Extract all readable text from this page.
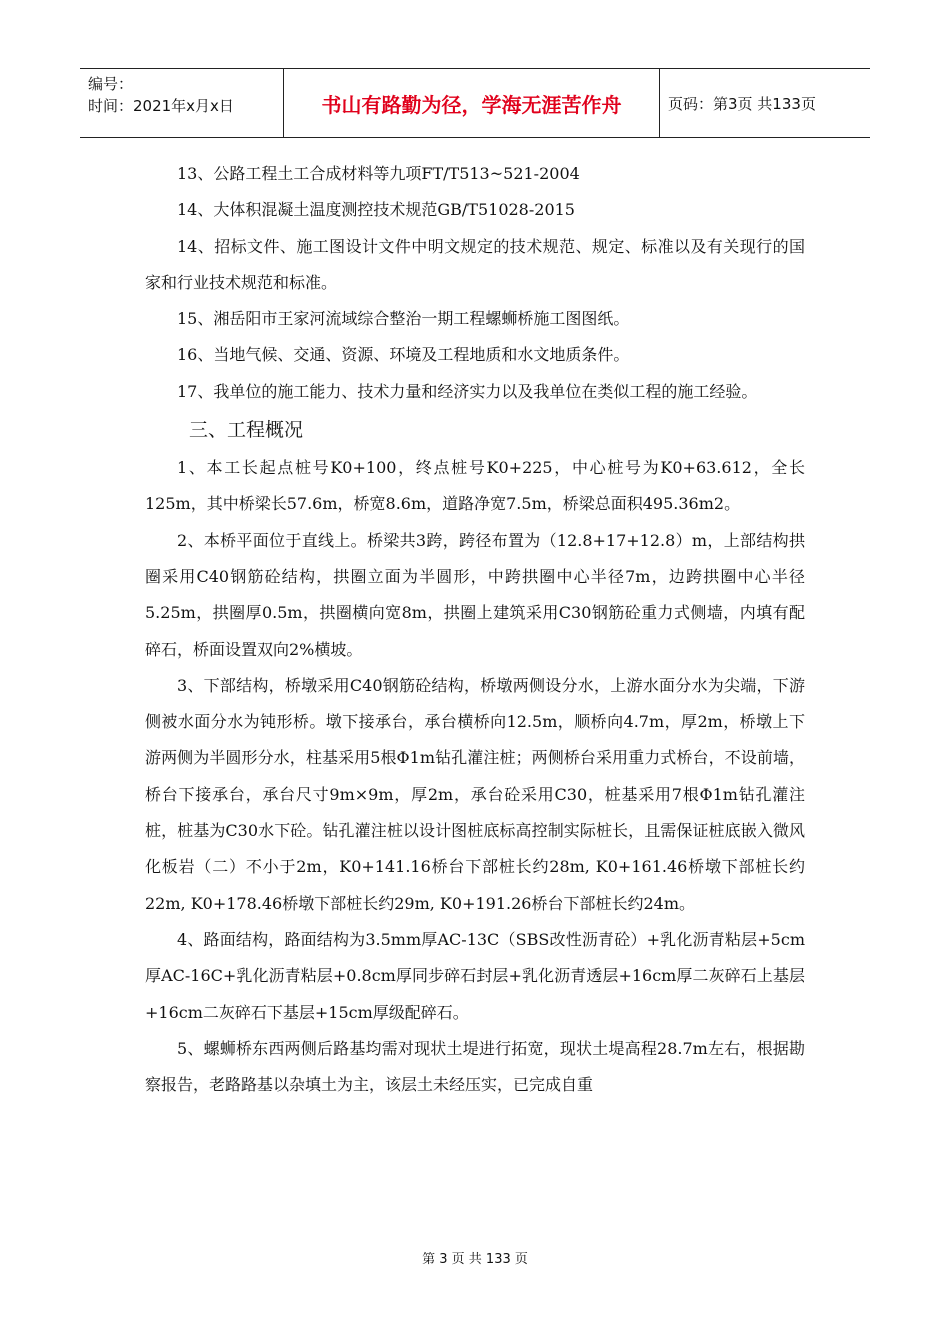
编号：
时间：2021年x月x日	书山有路勤为径，学海无涯苦作舟	页码：第3页 共133页

13、公路工程土工合成材料等九项FT/T513~521-2004

14、大体积混凝土温度测控技术规范GB/T51028-2015

14、招标文件、施工图设计文件中明文规定的技术规范、规定、标准以及有关现行的国家和行业技术规范和标准。

15、湘岳阳市王家河流域综合整治一期工程螺蛳桥施工图图纸。

16、当地气候、交通、资源、环境及工程地质和水文地质条件。

17、我单位的施工能力、技术力量和经济实力以及我单位在类似工程的施工经验。

三、工程概况

1、本工长起点桩号K0+100，终点桩号K0+225，中心桩号为K0+63.612，全长125m，其中桥梁长57.6m，桥宽8.6m，道路净宽7.5m，桥梁总面积495.36m2。

2、本桥平面位于直线上。桥梁共3跨，跨径布置为（12.8+17+12.8）m，上部结构拱圈采用C40钢筋砼结构，拱圈立面为半圆形，中跨拱圈中心半径7m，边跨拱圈中心半径5.25m，拱圈厚0.5m，拱圈横向宽8m，拱圈上建筑采用C30钢筋砼重力式侧墙，内填有配碎石，桥面设置双向2%横坡。

3、下部结构，桥墩采用C40钢筋砼结构，桥墩两侧设分水，上游水面分水为尖端，下游侧被水面分水为钝形桥。墩下接承台，承台横桥向12.5m，顺桥向4.7m，厚2m，桥墩上下游两侧为半圆形分水，柱基采用5根Φ1m钻孔灌注桩；两侧桥台采用重力式桥台，不设前墙，桥台下接承台，承台尺寸9m×9m，厚2m，承台砼采用C30，桩基采用7根Φ1m钻孔灌注桩，桩基为C30水下砼。钻孔灌注桩以设计图桩底标高控制实际桩长，且需保证桩底嵌入微风化板岩（二）不小于2m，K0+141.16桥台下部桩长约28m, K0+161.46桥墩下部桩长约22m, K0+178.46桥墩下部桩长约29m, K0+191.26桥台下部桩长约24m。

4、路面结构，路面结构为3.5mm厚AC-13C（SBS改性沥青砼）+乳化沥青粘层+5cm厚AC-16C+乳化沥青粘层+0.8cm厚同步碎石封层+乳化沥青透层+16cm厚二灰碎石上基层+16cm二灰碎石下基层+15cm厚级配碎石。

5、螺蛳桥东西两侧后路基均需对现状土堤进行拓宽，现状土堤高程28.7m左右，根据勘察报告，老路路基以杂填土为主，该层土未经压实，已完成自重

第 3 页 共 133 页
